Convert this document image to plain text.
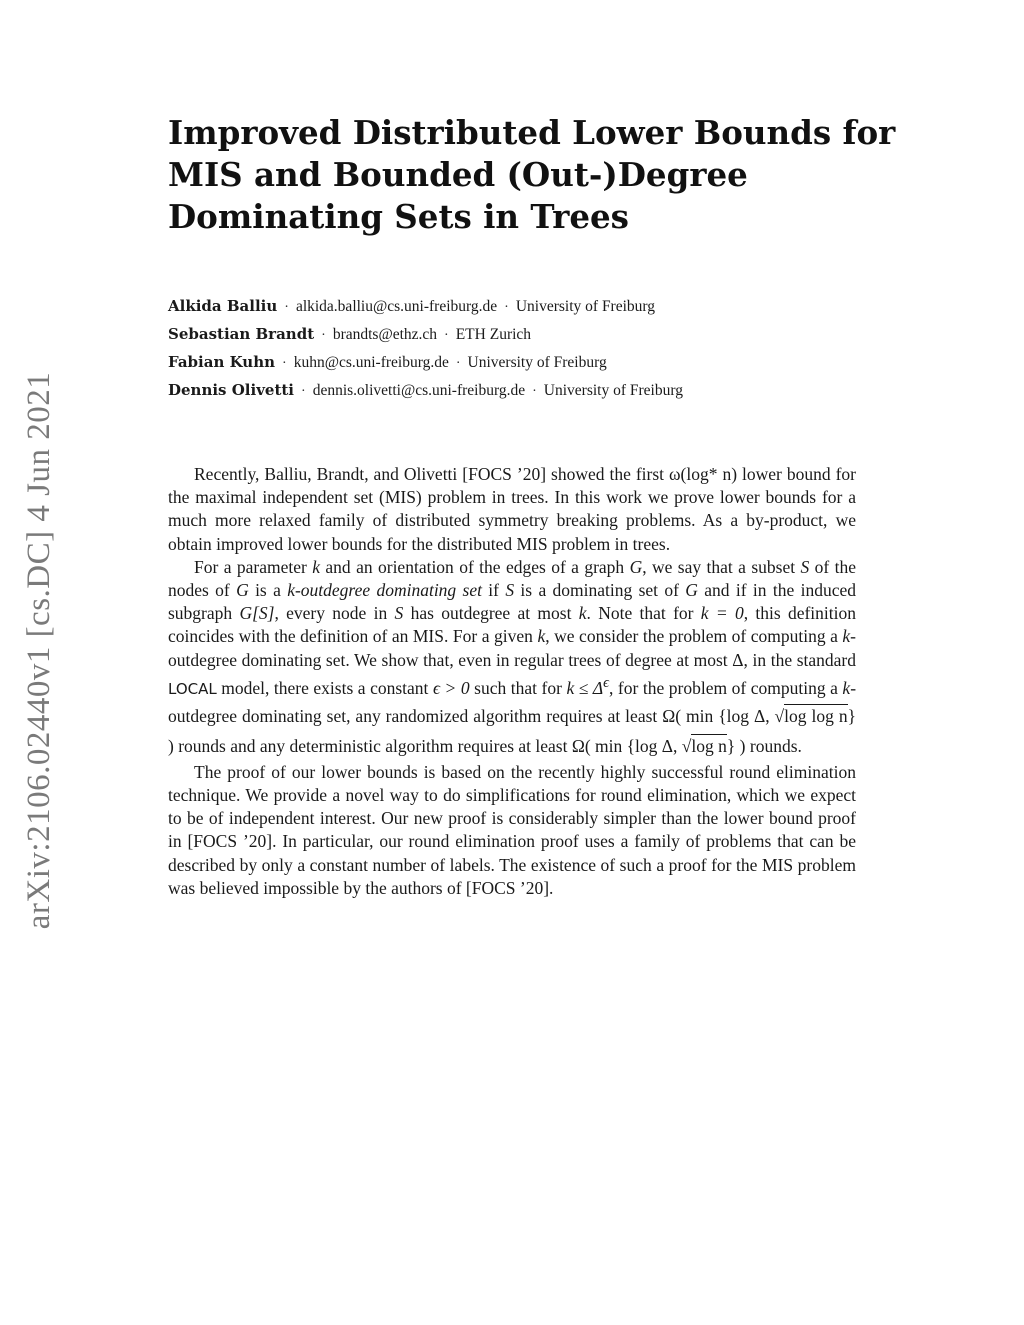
arXiv:2106.02440v1 [cs.DC] 4 Jun 2021
Improved Distributed Lower Bounds for
MIS and Bounded (Out-)Degree
Dominating Sets in Trees
Alkida Balliu · alkida.balliu@cs.uni-freiburg.de · University of Freiburg
Sebastian Brandt · brandts@ethz.ch · ETH Zurich
Fabian Kuhn · kuhn@cs.uni-freiburg.de · University of Freiburg
Dennis Olivetti · dennis.olivetti@cs.uni-freiburg.de · University of Freiburg

Recently, Balliu, Brandt, and Olivetti [FOCS ’20] showed the first ω(log* n) lower bound for the maximal independent set (MIS) problem in trees. In this work we prove lower bounds for a much more relaxed family of distributed symmetry breaking problems. As a by-product, we obtain improved lower bounds for the distributed MIS problem in trees.

For a parameter k and an orientation of the edges of a graph G, we say that a subset S of the nodes of G is a k-outdegree dominating set if S is a dominating set of G and if in the induced subgraph G[S], every node in S has outdegree at most k. Note that for k = 0, this definition coincides with the definition of an MIS. For a given k, we consider the problem of computing a k-outdegree dominating set. We show that, even in regular trees of degree at most Δ, in the standard LOCAL model, there exists a constant ϵ > 0 such that for $k \le \Delta^\epsilon$, for the problem of computing a k-outdegree dominating set, any randomized algorithm requires at least Ω( min {log Δ, √log log n} ) rounds and any deterministic algorithm requires at least Ω( min {log Δ, √log n} ) rounds.

The proof of our lower bounds is based on the recently highly successful round elimination technique. We provide a novel way to do simplifications for round elimination, which we expect to be of independent interest. Our new proof is considerably simpler than the lower bound proof in [FOCS ’20]. In particular, our round elimination proof uses a family of problems that can be described by only a constant number of labels. The existence of such a proof for the MIS problem was believed impossible by the authors of [FOCS ’20].
